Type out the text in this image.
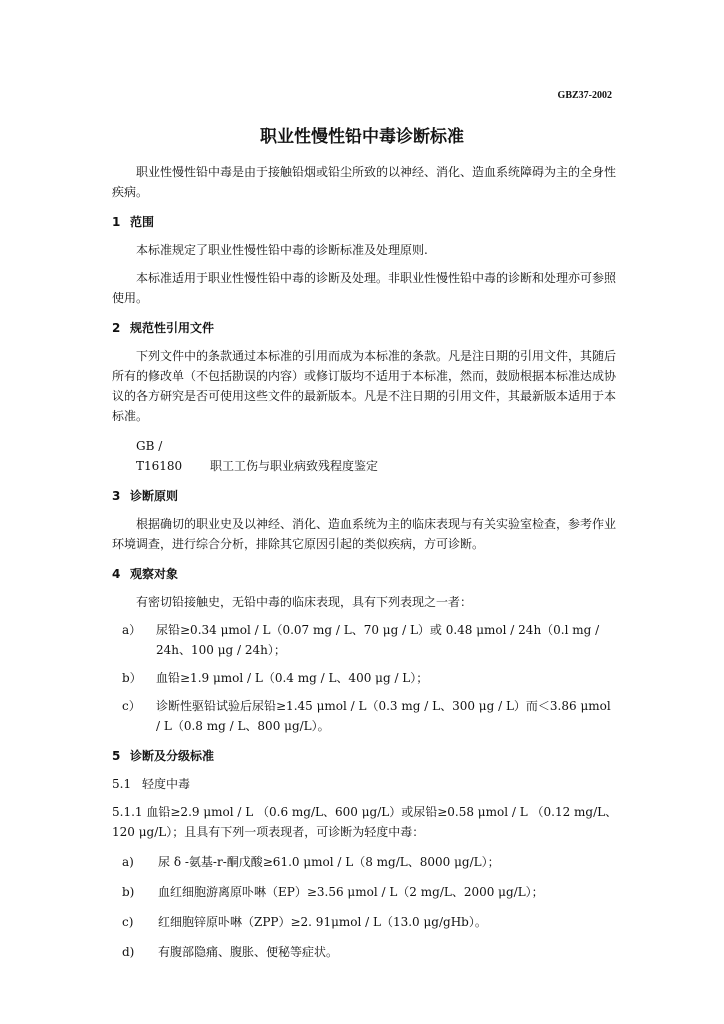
GBZ37-2002
职业性慢性铅中毒诊断标准

职业性慢性铅中毒是由于接触铅烟或铅尘所致的以神经、消化、造血系统障碍为主的全身性疾病。

1 范围

本标准规定了职业性慢性铅中毒的诊断标准及处理原则.

本标准适用于职业性慢性铅中毒的诊断及处理。非职业性慢性铅中毒的诊断和处理亦可参照使用。

2 规范性引用文件

下列文件中的条款通过本标准的引用而成为本标准的条款。凡是注日期的引用文件，其随后所有的修改单（不包括勘误的内容）或修订版均不适用于本标准，然而，鼓励根据本标准达成协议的各方研究是否可使用这些文件的最新版本。凡是不注日期的引用文件，其最新版本适用于本标准。

GB / T16180 职工工伤与职业病致残程度鉴定
3 诊断原则

根据确切的职业史及以神经、消化、造血系统为主的临床表现与有关实验室检查，参考作业环境调查，进行综合分析，排除其它原因引起的类似疾病，方可诊断。

4 观察对象

有密切铅接触史，无铅中毒的临床表现，具有下列表现之一者：

a）	尿铅≥0.34 μmol / L（0.07 mg / L、70 μg / L）或 0.48 μmol / 24h（0.l mg / 24h、100 μg / 24h）；
b）	血铅≥1.9 μmol / L（0.4 mg / L、400 μg / L）；
c）	诊断性驱铅试验后尿铅≥1.45 μmol / L（0.3 mg / L、300 μg / L）而＜3.86 μmol / L（0.8 mg / L、800 μg/L）。
5 诊断及分级标准
5.1 轻度中毒

5.1.1 血铅≥2.9 μmol / L （0.6 mg/L、600 μg/L）或尿铅≥0.58 μmol / L （0.12 mg/L、120 μg/L）；且具有下列一项表现者，可诊断为轻度中毒：

a)	尿 δ -氨基-r-酮戊酸≥61.0 μmol / L（8 mg/L、8000 μg/L）；
b)	血红细胞游离原卟啉（EP）≥3.56 μmol / L（2 mg/L、2000 μg/L）；
c)	红细胞锌原卟啉（ZPP）≥2. 91μmol / L（13.0 μg/gHb）。
d)	有腹部隐痛、腹胀、便秘等症状。
